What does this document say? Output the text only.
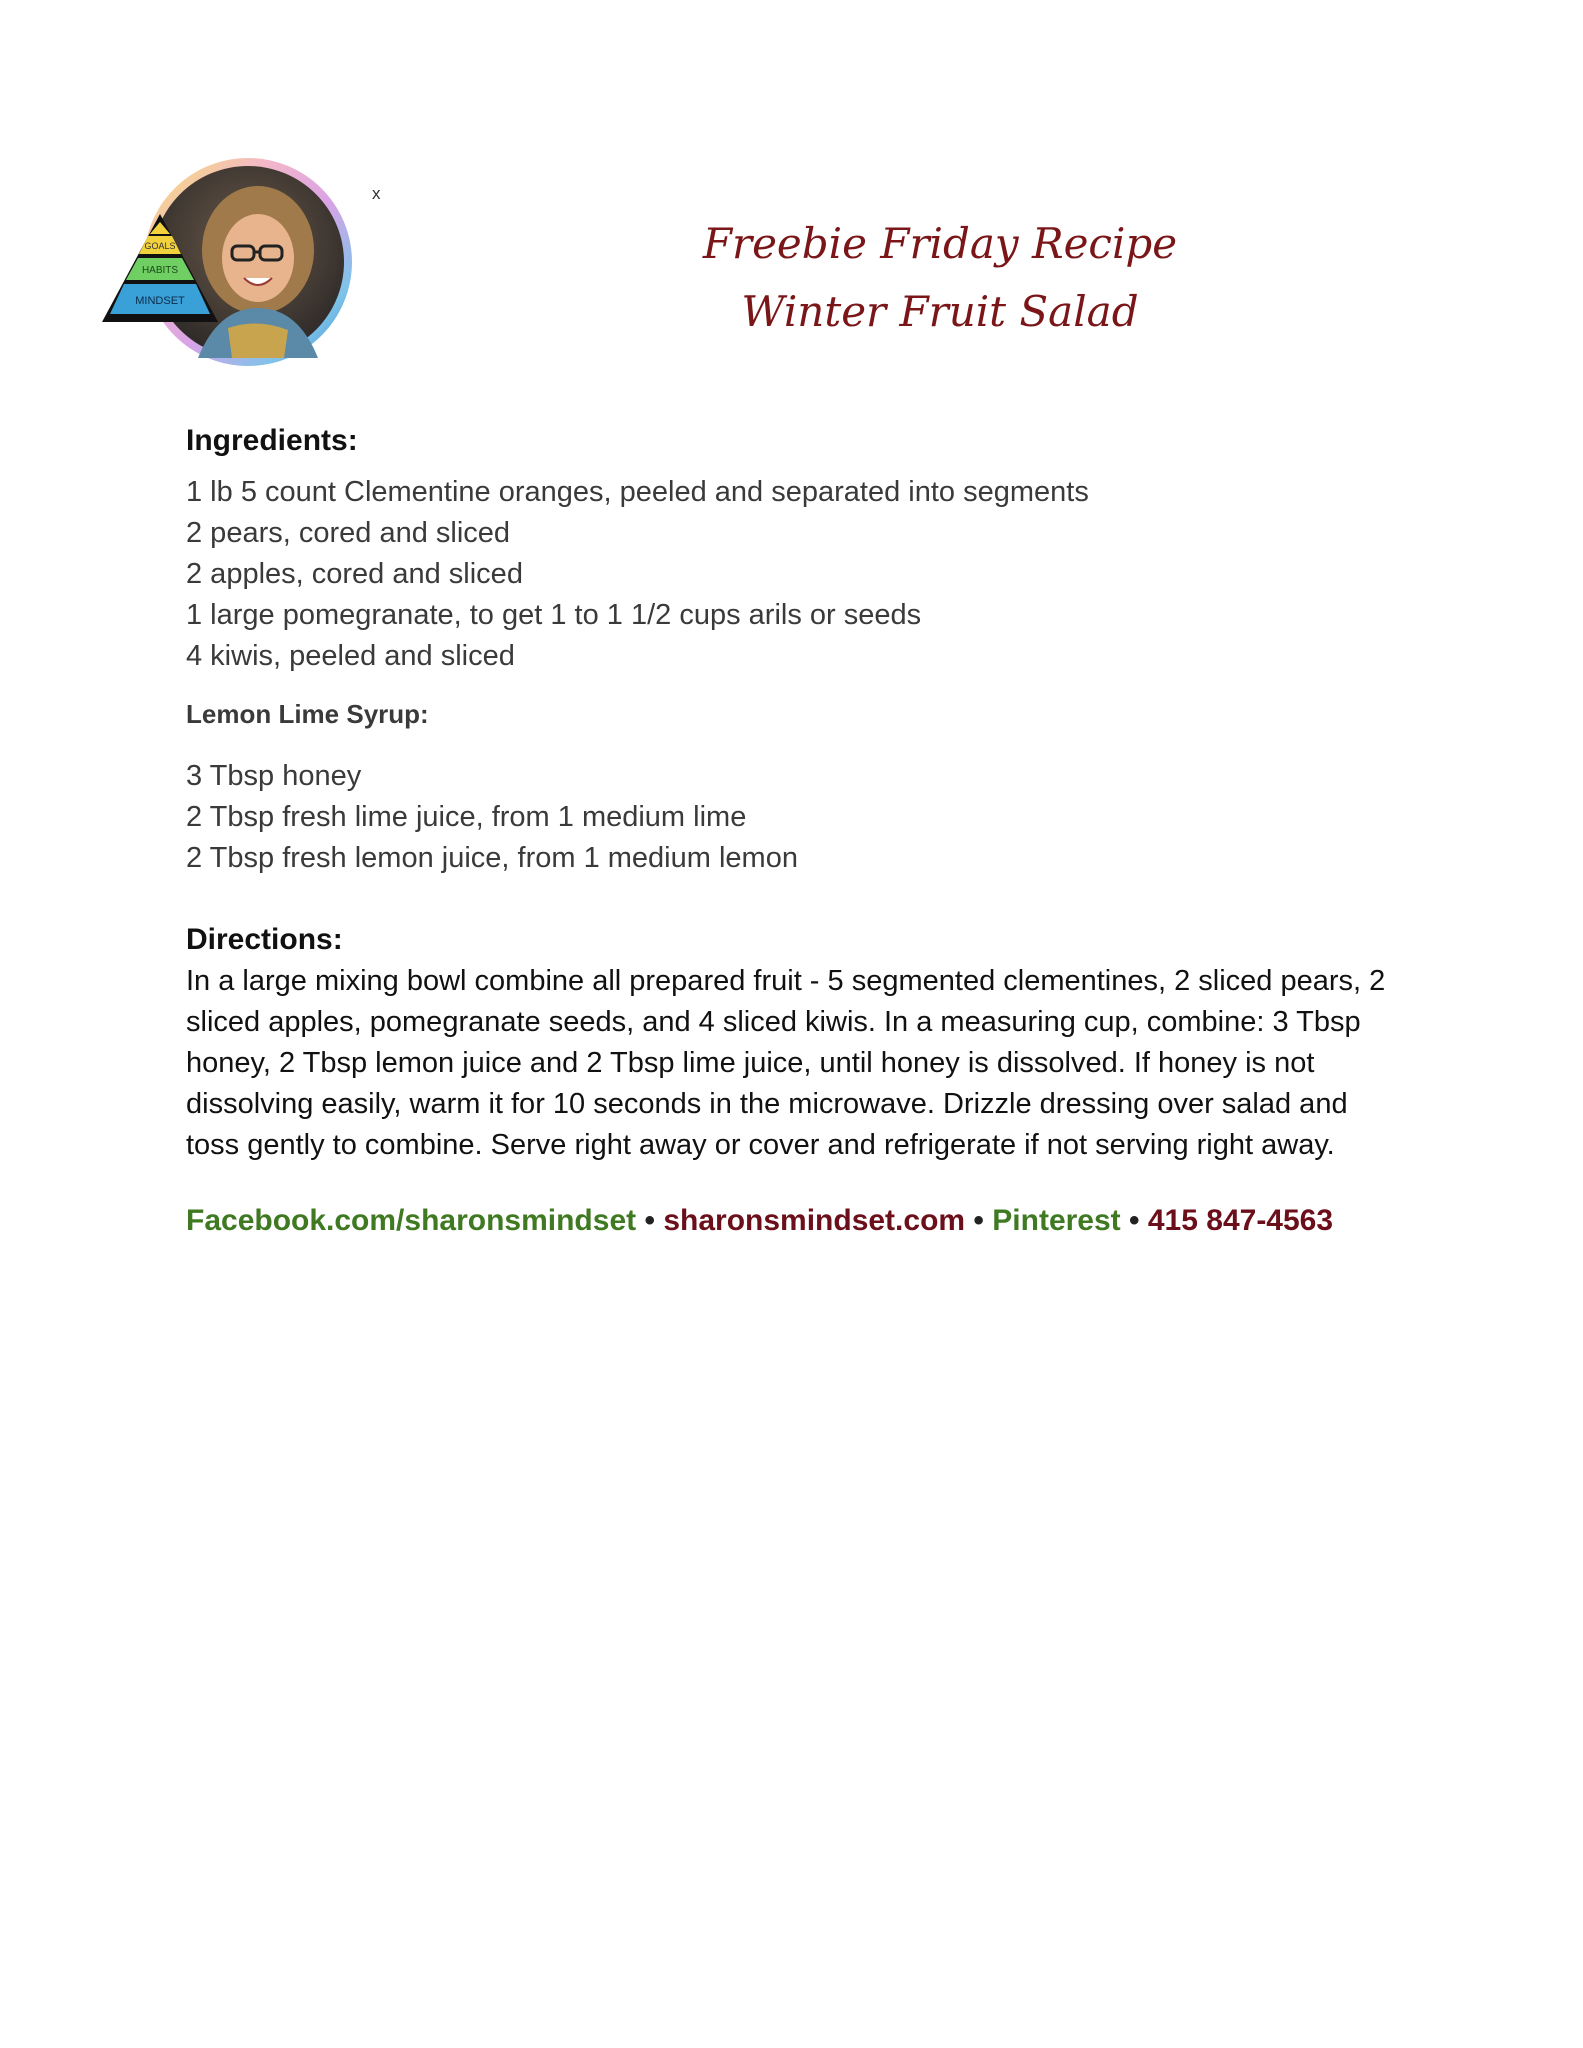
GOALS
HABITS
MINDSET
x
Freebie Friday Recipe
Winter Fruit Salad
Ingredients:
1 lb 5 count Clementine oranges, peeled and separated into segments
2 pears, cored and sliced
2 apples, cored and sliced
1 large pomegranate, to get 1 to 1 1/2 cups arils or seeds
4 kiwis, peeled and sliced
Lemon Lime Syrup:
3 Tbsp honey
2 Tbsp fresh lime juice, from 1 medium lime
2 Tbsp fresh lemon juice, from 1 medium lemon
Directions:

In a large mixing bowl combine all prepared fruit - 5 segmented clementines, 2 sliced pears, 2 sliced apples, pomegranate seeds, and 4 sliced kiwis. In a measuring cup, combine: 3 Tbsp honey, 2 Tbsp lemon juice and 2 Tbsp lime juice, until honey is dissolved. If honey is not dissolving easily, warm it for 10 seconds in the microwave. Drizzle dressing over salad and toss gently to combine. Serve right away or cover and refrigerate if not serving right away.

Facebook.com/sharonsmindset • sharonsmindset.com • Pinterest • 415 847-4563
